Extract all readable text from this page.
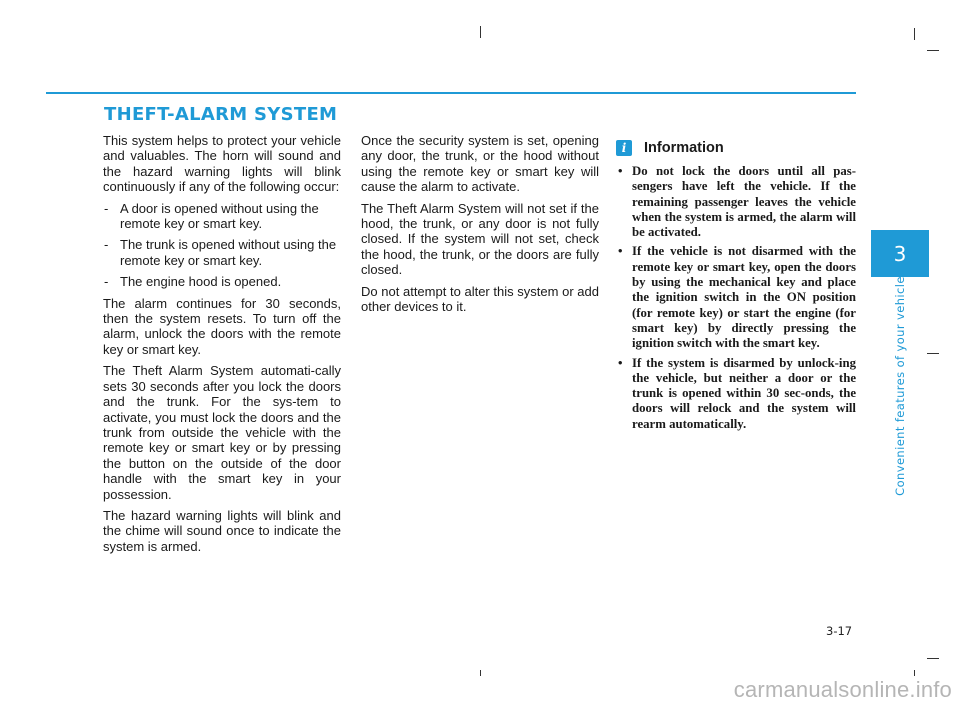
THEFT-ALARM SYSTEM

This system helps to protect your vehicle and valuables. The horn will sound and the hazard warning lights will blink continuously if any of the following occur:

- A door is opened without using the remote key or smart key.
- The trunk is opened without using the remote key or smart key.
- The engine hood is opened.

The alarm continues for 30 seconds, then the system resets. To turn off the alarm, unlock the doors with the remote key or smart key.

The Theft Alarm System automati-cally sets 30 seconds after you lock the doors and the trunk. For the sys-tem to activate, you must lock the doors and the trunk from outside the vehicle with the remote key or smart key or by pressing the button on the outside of the door handle with the smart key in your possession.

The hazard warning lights will blink and the chime will sound once to indicate the system is armed.

Once the security system is set, opening any door, the trunk, or the hood without using the remote key or smart key will cause the alarm to activate.

The Theft Alarm System will not set if the hood, the trunk, or any door is not fully closed. If the system will not set, check the hood, the trunk, or the doors are fully closed.

Do not attempt to alter this system or add other devices to it.

i	Information
• Do not lock the doors until all pas-sengers have left the vehicle. If the remaining passenger leaves the vehicle when the system is armed, the alarm will be activated.
• If the vehicle is not disarmed with the remote key or smart key, open the doors by using the mechanical key and place the ignition switch in the ON position (for remote key) or start the engine (for smart key) by directly pressing the ignition switch with the smart key.
• If the system is disarmed by unlock-ing the vehicle, but neither a door or the trunk is opened within 30 sec-onds, the doors will relock and the system will rearm automatically.
3
Convenient features of your vehicle
3-17
carmanualsonline.info
